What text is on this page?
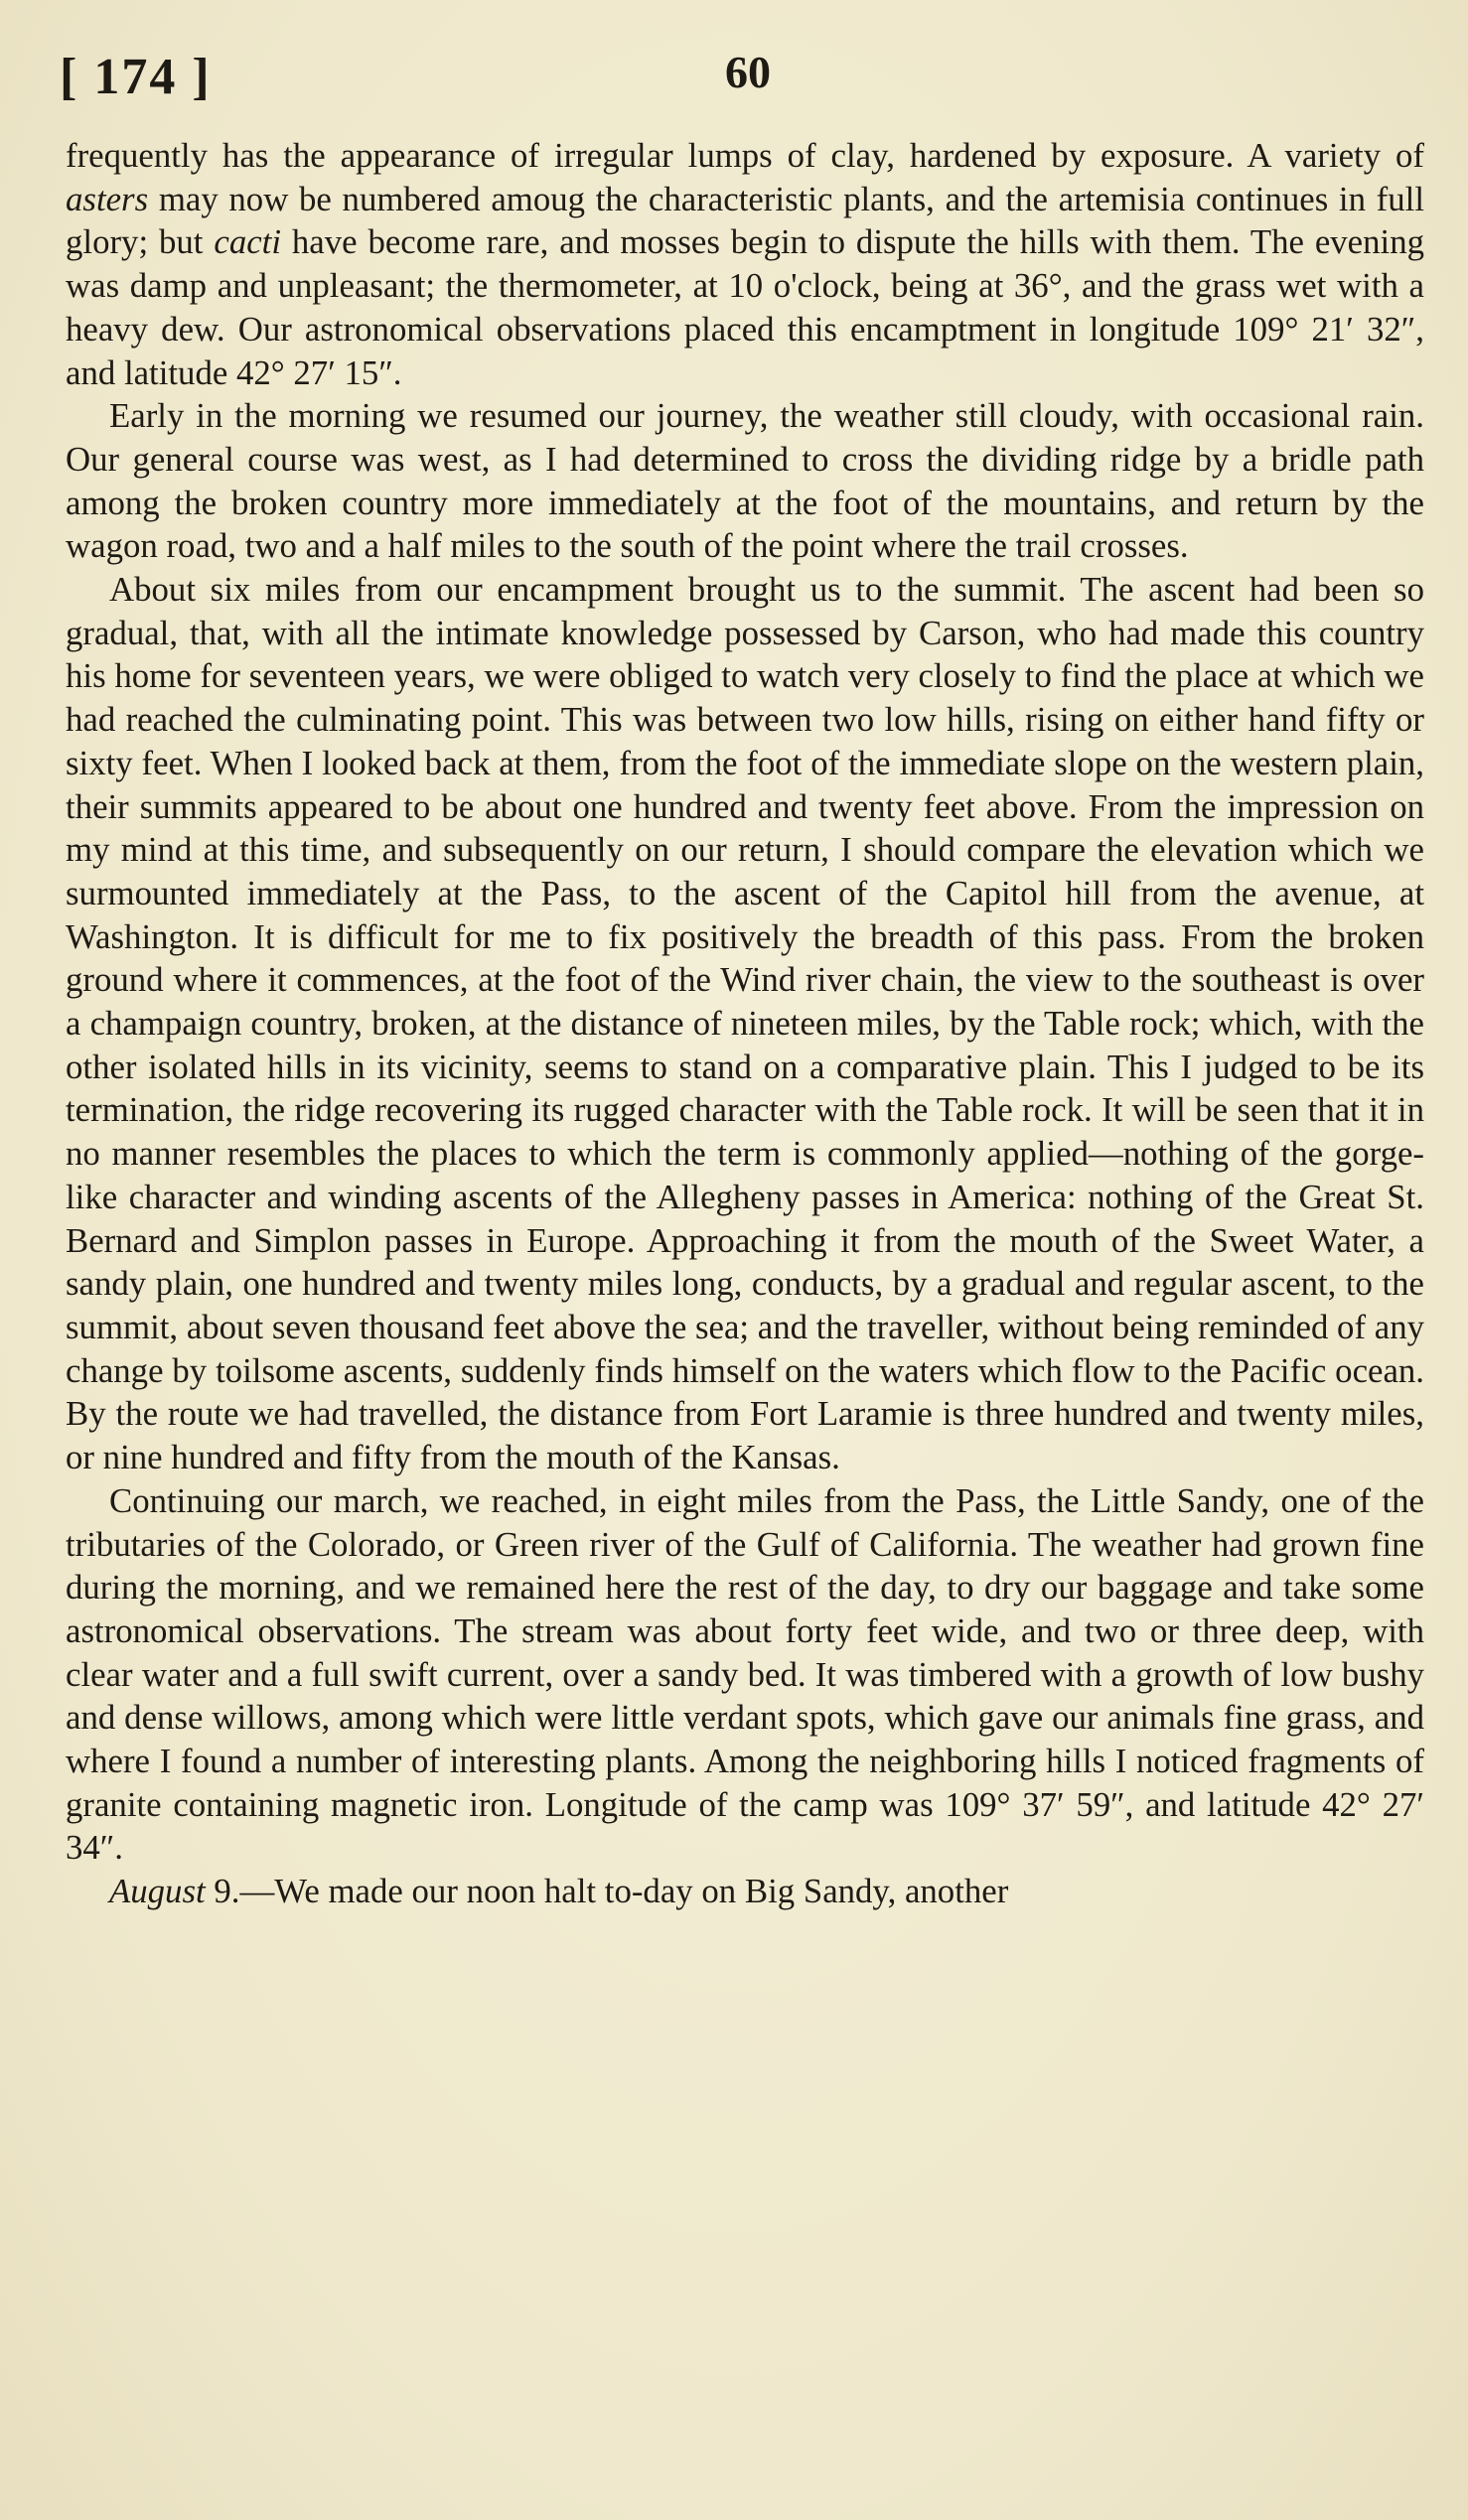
[ 174 ]	60

frequently has the appearance of irregular lumps of clay, hardened by exposure. A variety of asters may now be numbered amoug the characteristic plants, and the artemisia continues in full glory; but cacti have become rare, and mosses begin to dispute the hills with them. The evening was damp and unpleasant; the thermometer, at 10 o'clock, being at 36°, and the grass wet with a heavy dew. Our astronomical observations placed this encamptment in longitude 109° 21′ 32″, and latitude 42° 27′ 15″.

Early in the morning we resumed our journey, the weather still cloudy, with occasional rain. Our general course was west, as I had determined to cross the dividing ridge by a bridle path among the broken country more immediately at the foot of the mountains, and return by the wagon road, two and a half miles to the south of the point where the trail crosses.

About six miles from our encampment brought us to the summit. The ascent had been so gradual, that, with all the intimate knowledge possessed by Carson, who had made this country his home for seventeen years, we were obliged to watch very closely to find the place at which we had reached the culminating point. This was between two low hills, rising on either hand fifty or sixty feet. When I looked back at them, from the foot of the immediate slope on the western plain, their summits appeared to be about one hundred and twenty feet above. From the impression on my mind at this time, and subsequently on our return, I should compare the elevation which we surmounted immediately at the Pass, to the ascent of the Capitol hill from the avenue, at Washington. It is difficult for me to fix positively the breadth of this pass. From the broken ground where it commences, at the foot of the Wind river chain, the view to the southeast is over a champaign country, broken, at the distance of nineteen miles, by the Table rock; which, with the other isolated hills in its vicinity, seems to stand on a comparative plain. This I judged to be its termination, the ridge recovering its rugged character with the Table rock. It will be seen that it in no manner resembles the places to which the term is commonly applied—nothing of the gorge-like character and winding ascents of the Allegheny passes in America: nothing of the Great St. Bernard and Simplon passes in Europe. Approaching it from the mouth of the Sweet Water, a sandy plain, one hundred and twenty miles long, conducts, by a gradual and regular ascent, to the summit, about seven thousand feet above the sea; and the traveller, without being reminded of any change by toilsome ascents, suddenly finds himself on the waters which flow to the Pacific ocean. By the route we had travelled, the distance from Fort Laramie is three hundred and twenty miles, or nine hundred and fifty from the mouth of the Kansas.

Continuing our march, we reached, in eight miles from the Pass, the Little Sandy, one of the tributaries of the Colorado, or Green river of the Gulf of California. The weather had grown fine during the morning, and we remained here the rest of the day, to dry our baggage and take some astronomical observations. The stream was about forty feet wide, and two or three deep, with clear water and a full swift current, over a sandy bed. It was timbered with a growth of low bushy and dense willows, among which were little verdant spots, which gave our animals fine grass, and where I found a number of interesting plants. Among the neighboring hills I noticed fragments of granite containing magnetic iron. Longitude of the camp was 109° 37′ 59″, and latitude 42° 27′ 34″.

August 9.—We made our noon halt to-day on Big Sandy, another
